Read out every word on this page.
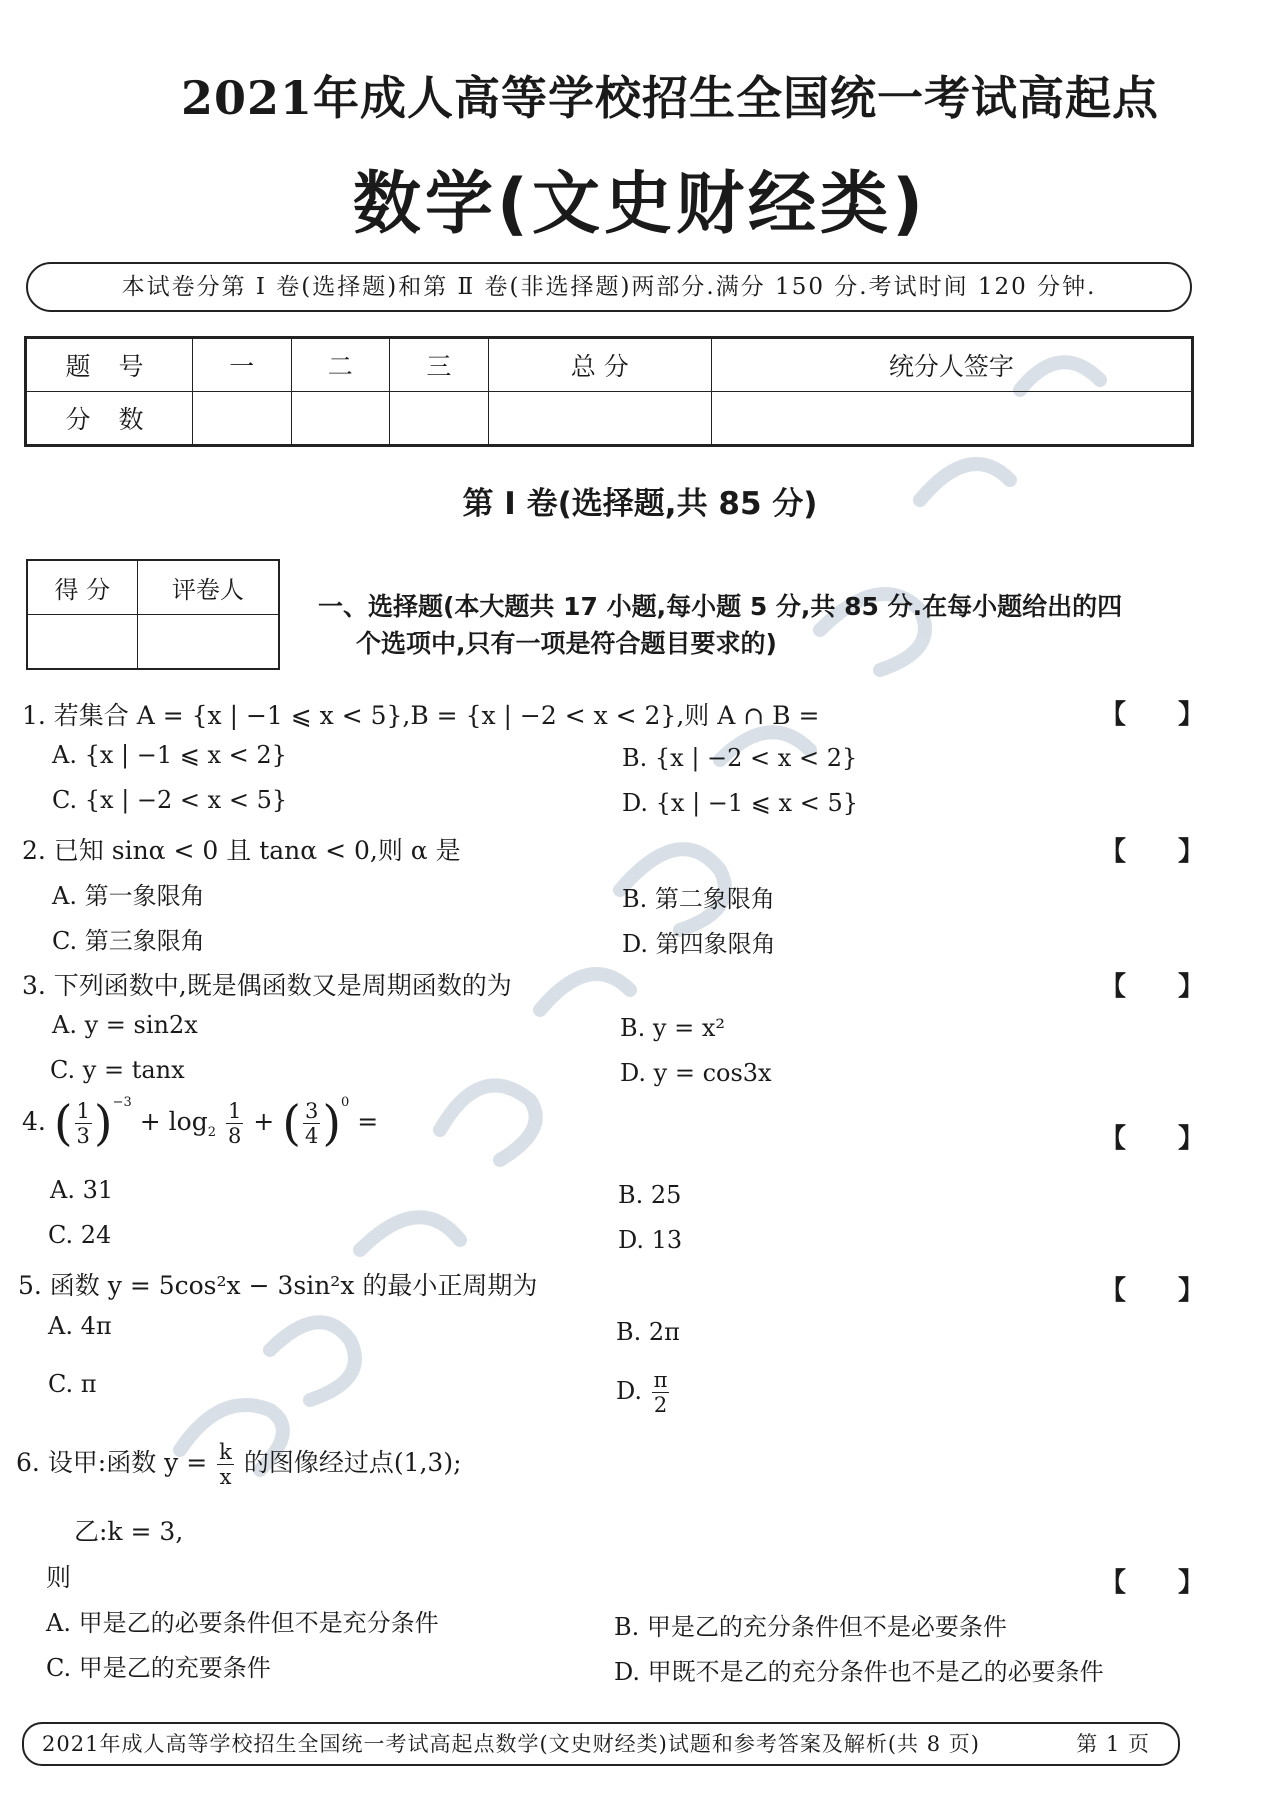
2021年成人高等学校招生全国统一考试高起点
数学(文史财经类)
本试卷分第 Ⅰ 卷(选择题)和第 Ⅱ 卷(非选择题)两部分.满分 150 分.考试时间 120 分钟.
题 号	一	二	三	总 分	统分人签字
分 数					
第 Ⅰ 卷(选择题,共 85 分)
得 分	评卷人

一、选择题(本大题共 17 小题,每小题 5 分,共 85 分.在每小题给出的四
个选项中,只有一项是符合题目要求的)
1. 若集合 A = {x | −1 ⩽ x < 5},B = {x | −2 < x < 2},则 A ∩ B =	【　　】
A. {x | −1 ⩽ x < 2}	B. {x | −2 < x < 2}
C. {x | −2 < x < 5}	D. {x | −1 ⩽ x < 5}
2. 已知 sinα < 0 且 tanα < 0,则 α 是	【　　】
A. 第一象限角	B. 第二象限角
C. 第三象限角	D. 第四象限角
3. 下列函数中,既是偶函数又是周期函数的为	【　　】
A. y = sin2x	B. y = x²
C. y = tanx	D. y = cos3x
4. ( $\frac{1}{3} )^{-3} + \log_2 \frac{1}{8}$ + ( $\frac{3}{4} )^0$ =
【　　】
A. 31	B. 25
C. 24	D. 13
5. 函数 y = 5cos²x − 3sin²x 的最小正周期为	【　　】
A. 4π	B. 2π
C. π	D. $\frac{\pi}{2}$
6. 设甲:函数 $y = \frac{k}{x}$ 的图像经过点(1,3);
乙:k = 3,
则	【　　】
A. 甲是乙的必要条件但不是充分条件	B. 甲是乙的充分条件但不是必要条件
C. 甲是乙的充要条件	D. 甲既不是乙的充分条件也不是乙的必要条件
2021年成人高等学校招生全国统一考试高起点数学(文史财经类)试题和参考答案及解析(共 8 页)	第 1 页
